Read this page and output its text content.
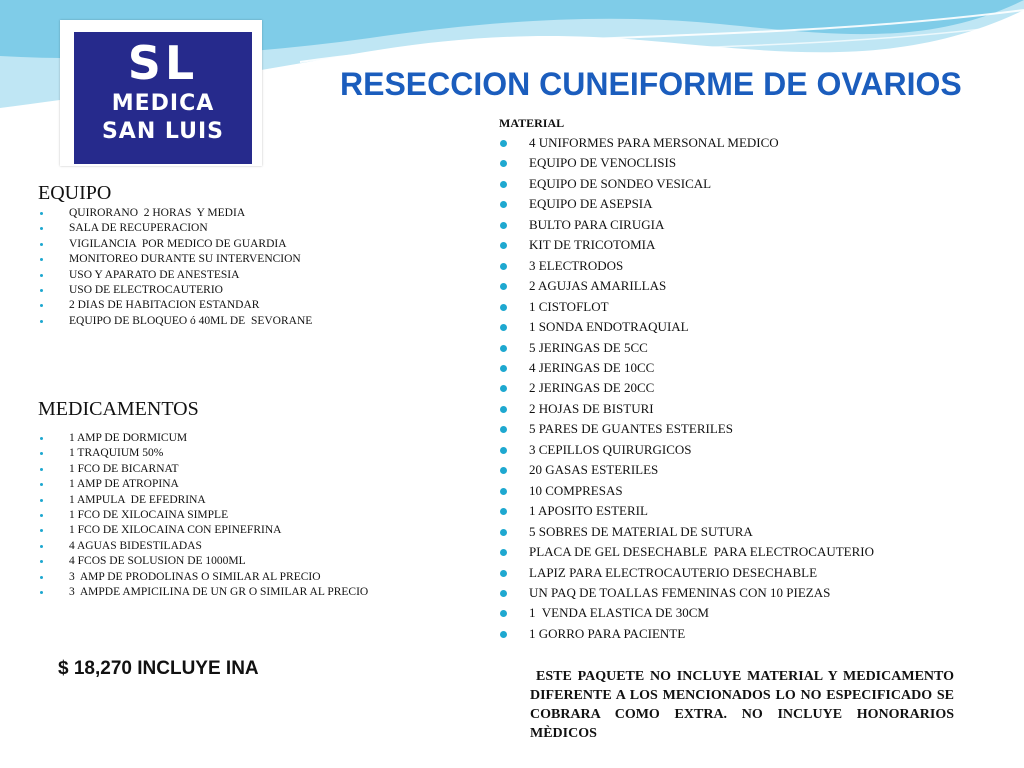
SL
MEDICA
SAN LUIS
RESECCION CUNEIFORME DE OVARIOS
EQUIPO
QUIRORANO  2 HORAS  Y MEDIA
SALA DE RECUPERACION
VIGILANCIA  POR MEDICO DE GUARDIA
MONITOREO DURANTE SU INTERVENCION
USO Y APARATO DE ANESTESIA
USO DE ELECTROCAUTERIO
2 DIAS DE HABITACION ESTANDAR
EQUIPO DE BLOQUEO ó 40ML DE  SEVORANE
MEDICAMENTOS
1 AMP DE DORMICUM
1 TRAQUIUM 50%
1 FCO DE BICARNAT
1 AMP DE ATROPINA
1 AMPULA  DE EFEDRINA
1 FCO DE XILOCAINA SIMPLE
1 FCO DE XILOCAINA CON EPINEFRINA
4 AGUAS BIDESTILADAS
4 FCOS DE SOLUSION DE 1000ML
3  AMP DE PRODOLINAS O SIMILAR AL PRECIO
3  AMPDE AMPICILINA DE UN GR O SIMILAR AL PRECIO
$ 18,270 INCLUYE INA
MATERIAL
4 UNIFORMES PARA MERSONAL MEDICO
EQUIPO DE VENOCLISIS
EQUIPO DE SONDEO VESICAL
EQUIPO DE ASEPSIA
BULTO PARA CIRUGIA
KIT DE TRICOTOMIA
3 ELECTRODOS
2 AGUJAS AMARILLAS
1 CISTOFLOT
1 SONDA ENDOTRAQUIAL
5 JERINGAS DE 5CC
4 JERINGAS DE 10CC
2 JERINGAS DE 20CC
2 HOJAS DE BISTURI
5 PARES DE GUANTES ESTERILES
3 CEPILLOS QUIRURGICOS
20 GASAS ESTERILES
10 COMPRESAS
1 APOSITO ESTERIL
5 SOBRES DE MATERIAL DE SUTURA
PLACA DE GEL DESECHABLE  PARA ELECTROCAUTERIO
LAPIZ PARA ELECTROCAUTERIO DESECHABLE
UN PAQ DE TOALLAS FEMENINAS CON 10 PIEZAS
1  VENDA ELASTICA DE 30CM
1 GORRO PARA PACIENTE
ESTE PAQUETE NO INCLUYE MATERIAL Y MEDICAMENTO DIFERENTE A LOS MENCIONADOS LO NO ESPECIFICADO SE COBRARA COMO EXTRA. NO INCLUYE HONORARIOS MÈDICOS
